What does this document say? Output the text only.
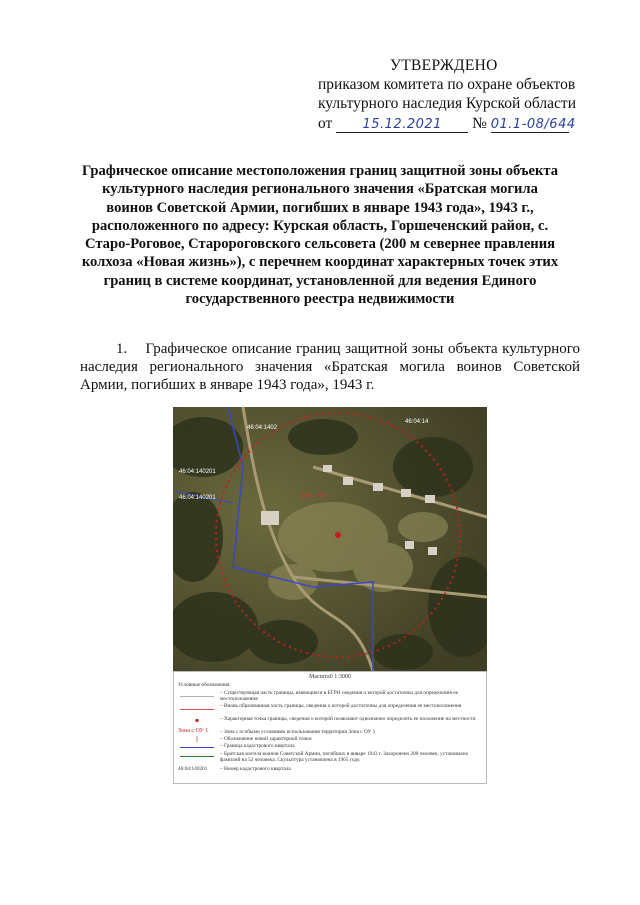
УТВЕРЖДЕНО
приказом комитета по охране объектов
культурного наследия Курской области
от 15.12.2021 № 01.1-08/644
Графическое описание местоположения границ защитной зоны объекта культурного наследия регионального значения «Братская могила воинов Советской Армии, погибших в январе 1943 года», 1943 г., расположенного по адресу: Курская область, Горшеченский район, с. Старо-Роговое, Старороговского сельсовета (200 м севернее правления колхоза «Новая жизнь»), с перечнем координат характерных точек этих границ в системе координат, установленной для ведения Единого государственного реестра недвижимости
1. Графическое описание границ защитной зоны объекта культурного наследия регионального значения «Братская могила воинов Советской Армии, погибших в январе 1943 года», 1943 г.
46:04:1402
46:04:140201
46:04:140201
46:04:14
Зона с ОУ 1
Масштаб 1:3000
Условные обозначения
– Существующая часть границы, имеющиеся в ЕГРН сведения о которой достаточны для определения ее местоположения
– Вновь образованная часть границы, сведения о которой достаточны для определения ее местоположения
– Характерная точка границы, сведения о которой позволяют однозначно определить ее положение на местности
Зона с ОУ 1	– Зона с особыми условиями использования территории Зона с ОУ 1
– Обозначение новой характерной точки
– Граница кадастрового квартала
– Братская могила воинов Советской Армии, погибших в январе 1943 г. Захоронено 200 человек, установлено фамилий на 52 человека. Скульптура установлена в 1965 году.
46:04:140201	– Номер кадастрового квартала
